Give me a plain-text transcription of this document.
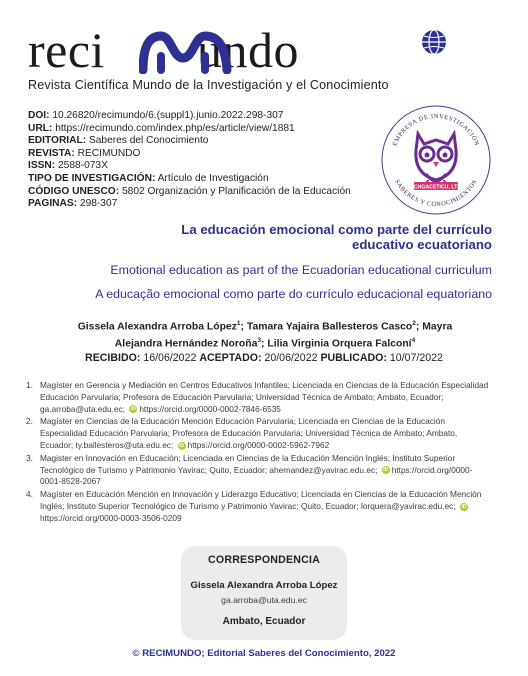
reci undo
Revista Científica Mundo de la Investigación y el Conocimiento
DOI: 10.26820/recimundo/6.(suppl1).junio.2022.298-307
URL: https://recimundo.com/index.php/es/article/view/1881
EDITORIAL: Saberes del Conocimiento
REVISTA: RECIMUNDO
ISSN: 2588-073X
TIPO DE INVESTIGACIÓN: Artículo de Investigación
CÓDIGO UNESCO: 5802 Organización y Planificación de la Educación
PAGINAS: 298-307
EMPRESA DE INVESTIGACIÓN
SABERES Y CONOCIMIENTOS
TECHGACETICU. LTDA
La educación emocional como parte del currículo
educativo ecuatoriano
Emotional education as part of the Ecuadorian educational curriculum
A educação emocional como parte do currículo educacional equatoriano
Gissela Alexandra Arroba López$^1$; Tamara Yajaira Ballesteros Casco$^2$; Mayra Alejandra Hernández Noroña$^3$; Lilia Virginia Orquera Falconí$^4$
RECIBIDO: 16/06/2022 ACEPTADO: 20/06/2022 PUBLICADO: 10/07/2022
1. Magíster en Gerencia y Mediación en Centros Educativos Infantiles; Licenciada en Ciencias de la Educación Especialidad Educación Parvularia; Profesora de Educación Parvularia; Universidad Técnica de Ambato; Ambato, Ecuador; ga.arroba@uta.edu.ec; iD https://orcid.org/0000-0002-7846-6535
2. Magíster en Ciencias de la Educación Mención Educación Parvularia; Licenciada en Ciencias de la Educación Especialidad Educación Parvularia; Profesora de Educación Parvularia; Universidad Técnica de Ambato; Ambato, Ecuador; ty.ballesteros@uta.edu.ec; iD https://orcid.org/0000-0002-5962-7962
3. Magister en Innovación en Educación; Licenciada en Ciencias de la Educación Mención Inglés; Instituto Superior Tecnológico de Turismo y Patrimonio Yavirac; Quito, Ecuador; ahernandez@yavirac.edu.ec; iD https://orcid.org/0000-0001-8528-2067
4. Magíster en Educación Mención en Innovación y Liderazgo Educativo; Licenciada en Ciencias de la Educación Mención Inglés; Instituto Superior Tecnológico de Turismo y Patrimonio Yavirac; Quito, Ecuador; lorquera@yavirac.edu.ec; iDhttps://orcid.org/0000-0003-3506-0209
CORRESPONDENCIA
Gissela Alexandra Arroba López
ga.arroba@uta.edu.ec
Ambato, Ecuador
© RECIMUNDO; Editorial Saberes del Conocimiento, 2022
